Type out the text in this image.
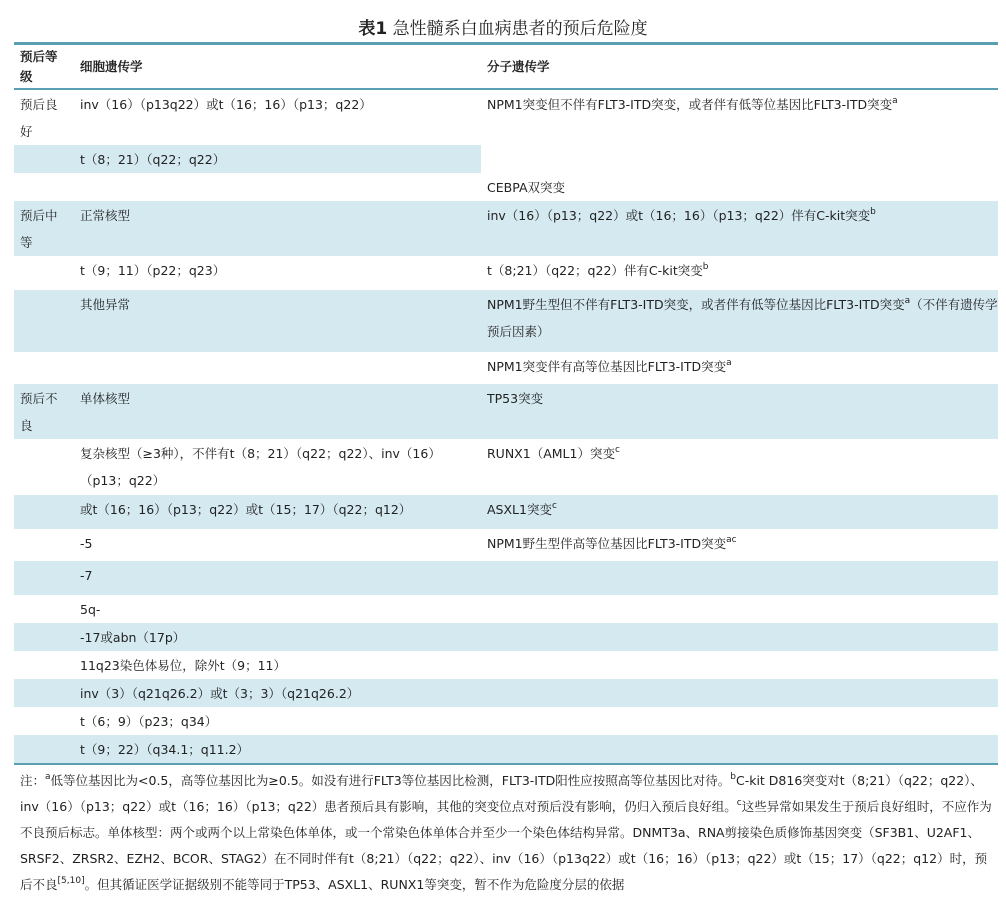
表1 急性髓系白血病患者的预后危险度
预后等级	细胞遗传学	分子遗传学
预后良好	inv（16）（p13q22）或t（16；16）（p13；q22）	NPM1突变但不伴有FLT3-ITD突变，或者伴有低等位基因比FLT3-ITD突变$^a$
	t（8；21）（q22；q22）	
		CEBPA双突变
预后中等	正常核型	inv（16）（p13；q22）或t（16；16）（p13；q22）伴有C-kit突变$^b$
	t（9；11）（p22；q23）	t（8;21）（q22；q22）伴有C-kit突变$^b$
	其他异常	NPM1野生型但不伴有FLT3-ITD突变，或者伴有低等位基因比FLT3-ITD突变$^a$（不伴有遗传学预后因素）
		NPM1突变伴有高等位基因比FLT3-ITD突变$^a$
预后不良	单体核型	TP53突变
	复杂核型（≥3种），不伴有t（8；21）（q22；q22）、inv（16）（p13；q22）	RUNX1（AML1）突变$^c$
	或t（16；16）（p13；q22）或t（15；17）（q22；q12）	ASXL1突变$^c$
	-5	NPM1野生型伴高等位基因比FLT3-ITD突变$^{ac}$
	-7	
	5q-	
	-17或abn（17p）	
	11q23染色体易位，除外t（9；11）	
	inv（3）（q21q26.2）或t（3；3）（q21q26.2）	
	t（6；9）（p23；q34）	
	t（9；22）（q34.1；q11.2）	
注：$^a$低等位基因比为<0.5，高等位基因比为≥0.5。如没有进行FLT3等位基因比检测，FLT3-ITD阳性应按照高等位基因比对待。$^b$C-kit D816突变对t（8;21）（q22；q22）、inv（16）（p13；q22）或t（16；16）（p13；q22）患者预后具有影响，其他的突变位点对预后没有影响，仍归入预后良好组。$^c$这些异常如果发生于预后良好组时，不应作为不良预后标志。单体核型：两个或两个以上常染色体单体，或一个常染色体单体合并至少一个染色体结构异常。DNMT3a、RNA剪接染色质修饰基因突变（SF3B1、U2AF1、SRSF2、ZRSR2、EZH2、BCOR、STAG2）在不同时伴有t（8;21）（q22；q22）、inv（16）（p13q22）或t（16；16）（p13；q22）或t（15；17）（q22；q12）时，预后不良[5,10]。但其循证医学证据级别不能等同于TP53、ASXL1、RUNX1等突变，暂不作为危险度分层的依据
